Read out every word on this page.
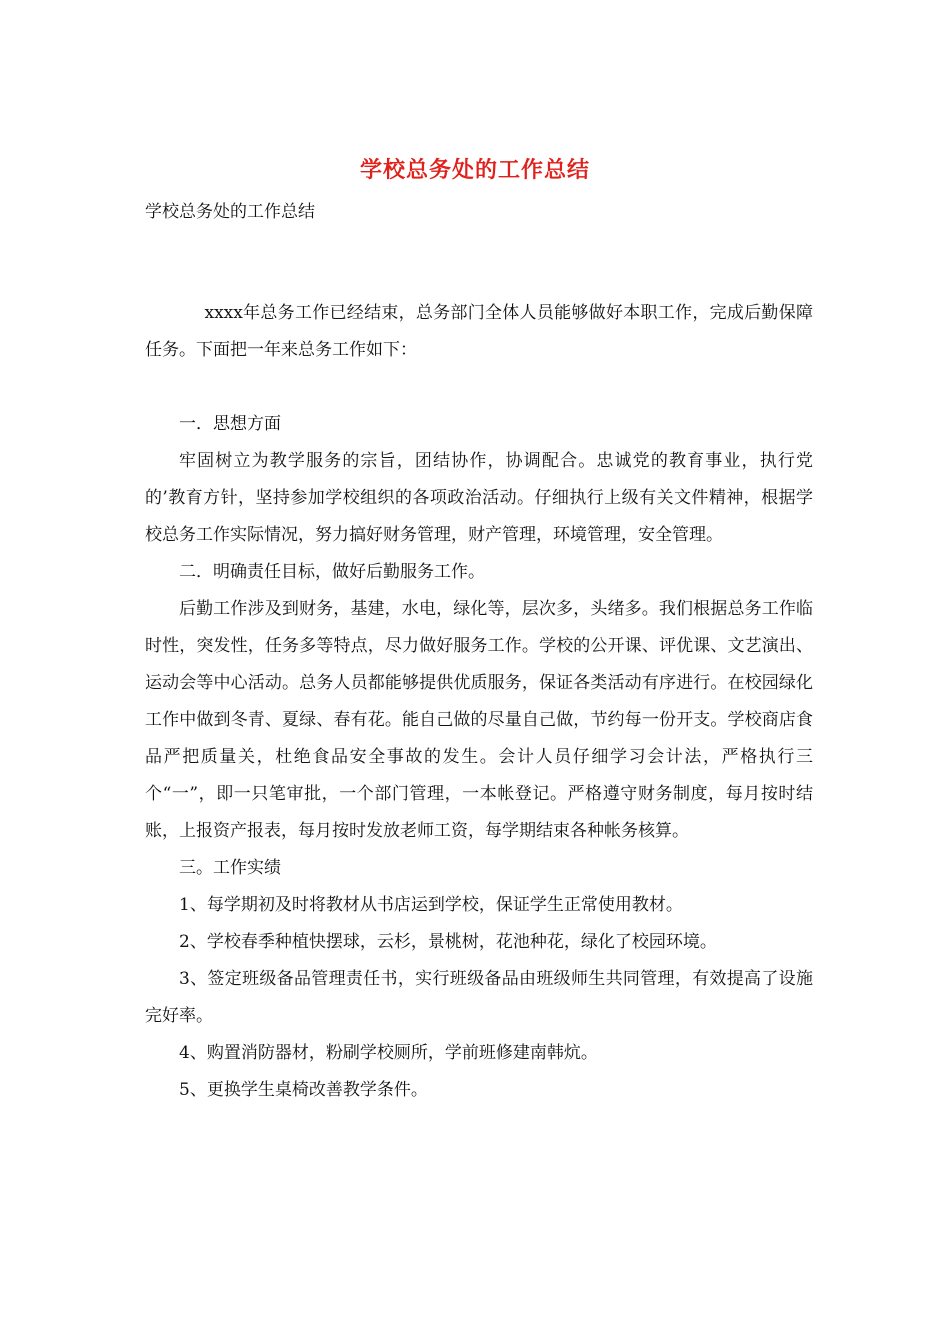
学校总务处的工作总结
学校总务处的工作总结

xxxx年总务工作已经结束，总务部门全体人员能够做好本职工作，完成后勤保障任务。下面把一年来总务工作如下：

一．思想方面

牢固树立为教学服务的宗旨，团结协作，协调配合。忠诚党的教育事业，执行党的’教育方针，坚持参加学校组织的各项政治活动。仔细执行上级有关文件精神，根据学校总务工作实际情况，努力搞好财务管理，财产管理，环境管理，安全管理。

二．明确责任目标，做好后勤服务工作。

后勤工作涉及到财务，基建，水电，绿化等，层次多，头绪多。我们根据总务工作临时性，突发性，任务多等特点，尽力做好服务工作。学校的公开课、评优课、文艺演出、运动会等中心活动。总务人员都能够提供优质服务，保证各类活动有序进行。在校园绿化工作中做到冬青、夏绿、春有花。能自己做的尽量自己做，节约每一份开支。学校商店食品严把质量关，杜绝食品安全事故的发生。会计人员仔细学习会计法，严格执行三个“一”，即一只笔审批，一个部门管理，一本帐登记。严格遵守财务制度，每月按时结账，上报资产报表，每月按时发放老师工资，每学期结束各种帐务核算。

三。工作实绩

1、每学期初及时将教材从书店运到学校，保证学生正常使用教材。

2、学校春季种植快摆球，云杉，景桃树，花池种花，绿化了校园环境。

3、签定班级备品管理责任书，实行班级备品由班级师生共同管理，有效提高了设施完好率。

4、购置消防器材，粉刷学校厕所，学前班修建南韩炕。

5、更换学生桌椅改善教学条件。
